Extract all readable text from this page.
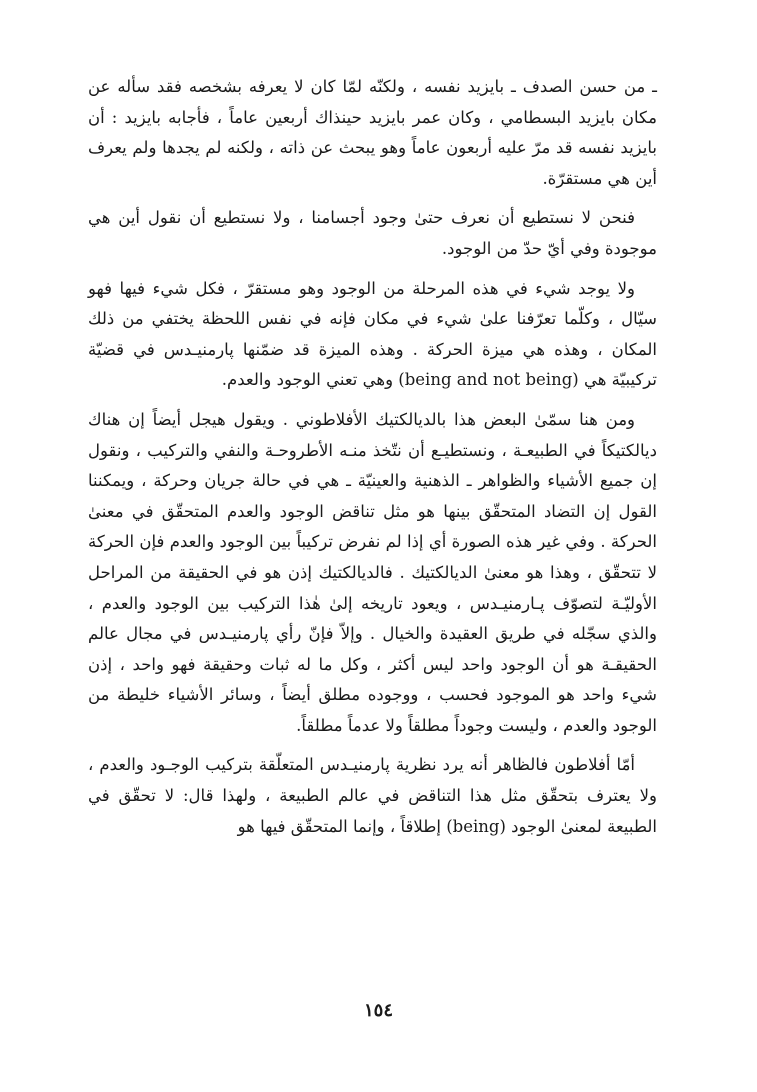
ـ من حسن الصدف ـ بايزيد نفسه ، ولكنّه لمّا كان لا يعرفه بشخصه فقد سأله عن مكان بايزيد البسطامي ، وكان عمر بايزيد حينذاك أربعين عاماً ، فأجابه بايزيد : أن بايزيد نفسه قد مرّ عليه أربعون عاماً وهو يبحث عن ذاته ، ولكنه لم يجدها ولم يعرف أين هي مستقرّة.

فنحن لا نستطيع أن نعرف حتىٰ وجود أجسامنا ، ولا نستطيع أن نقول أين هي موجودة وفي أيّ حدّ من الوجود.

ولا يوجد شيء في هذه المرحلة من الوجود وهو مستقرّ ، فكل شيء فيها فهو سيّال ، وكلّما تعرّفنا علىٰ شيء في مكان فإنه في نفس اللحظة يختفي من ذلك المكان ، وهذه هي ميزة الحركة . وهذه الميزة قد ضمّنها پارمنيـدس في قضيّة تركيبيّة هي (being and not being) وهي تعني الوجود والعدم.

ومن هنا سمّىٰ البعض هذا بالديالكتيك الأفلاطوني . ويقول هيجل أيضاً إن هناك ديالكتيكاً في الطبيعـة ، ونستطيـع أن نتّخذ منـه الأطروحـة والنفي والتركيب ، ونقول إن جميع الأشياء والظواهر ـ الذهنية والعينيّة ـ هي في حالة جريان وحركة ، ويمكننا القول إن التضاد المتحقّق بينها هو مثل تناقض الوجود والعدم المتحقّق في معنىٰ الحركة . وفي غير هذه الصورة أي إذا لم نفرض تركيباً بين الوجود والعدم فإن الحركة لا تتحقّق ، وهذا هو معنىٰ الديالكتيك . فالديالكتيك إذن هو في الحقيقة من المراحل الأوليّـة لتصوّف پـارمنيـدس ، ويعود تاريخه إلىٰ هٰذا التركيب بين الوجود والعدم ، والذي سجّله في طريق العقيدة والخيال . وإلاّ فإنّ رأي پارمنيـدس في مجال عالم الحقيقـة هو أن الوجود واحد ليس أكثر ، وكل ما له ثبات وحقيقة فهو واحد ، إذن شيء واحد هو الموجود فحسب ، ووجوده مطلق أيضاً ، وسائر الأشياء خليطة من الوجود والعدم ، وليست وجوداً مطلقاً ولا عدماً مطلقاً.

أمّا أفلاطون فالظاهر أنه يرد نظرية پارمنيـدس المتعلّقة بتركيب الوجـود والعدم ، ولا يعترف بتحقّق مثل هذا التناقض في عالم الطبيعة ، ولهذا قال: لا تحقّق في الطبيعة لمعنىٰ الوجود (being) إطلاقاً ، وإنما المتحقّق فيها هو

١٥٤
